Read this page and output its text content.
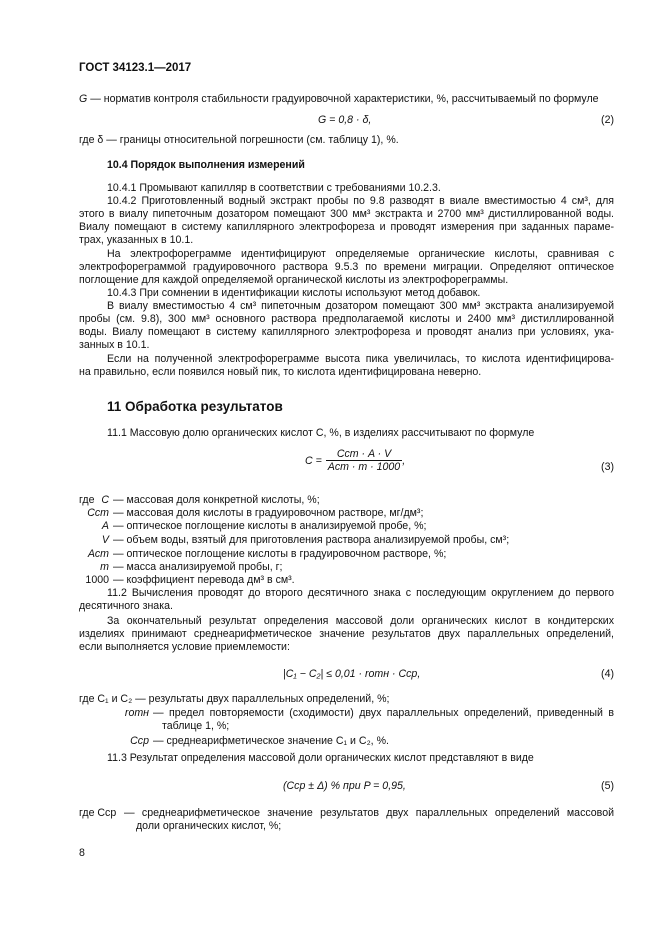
ГОСТ 34123.1—2017
G — норматив контроля стабильности градуировочной характеристики, %, рассчитываемый по формуле
G = 0,8 · δ,	(2)
где δ — границы относительной погрешности (см. таблицу 1), %.
10.4 Порядок выполнения измерений
10.4.1 Промывают капилляр в соответствии с требованиями 10.2.3.
10.4.2 Приготовленный водный экстракт пробы по 9.8 разводят в виале вместимостью 4 см³, для
этого в виалу пипеточным дозатором помещают 300 мм³ экстракта и 2700 мм³ дистиллированной воды.
Виалу помещают в систему капиллярного электрофореза и проводят измерения при заданных параме-
трах, указанных в 10.1.
На электрофореграмме идентифицируют определяемые органические кислоты, сравнивая с
электрофореграммой градуировочного раствора 9.5.3 по времени миграции. Определяют оптическое
поглощение для каждой определяемой органической кислоты из электрофореграммы.
10.4.3 При сомнении в идентификации кислоты используют метод добавок.
В виалу вместимостью 4 см³ пипеточным дозатором помещают 300 мм³ экстракта анализируемой
пробы (см. 9.8), 300 мм³ основного раствора предполагаемой кислоты и 2400 мм³ дистиллированной
воды. Виалу помещают в систему капиллярного электрофореза и проводят анализ при условиях, ука-
занных в 10.1.
Если на полученной электрофореграмме высота пика увеличилась, то кислота идентифицирова-
на правильно, если появился новый пик, то кислота идентифицирована неверно.
11 Обработка результатов
11.1 Массовую долю органических кислот C, %, в изделиях рассчитывают по формуле
$C = \frac{\text{Cст · A · V}}{\text{Aст · m · 1000}}$ ,
(3)
где C — массовая доля конкретной кислоты, %;
Cст — массовая доля кислоты в градуировочном растворе, мг/дм³;
A — оптическое поглощение кислоты в анализируемой пробе, %;
V — объем воды, взятый для приготовления раствора анализируемой пробы, см³;
Aст — оптическое поглощение кислоты в градуировочном растворе, %;
m — масса анализируемой пробы, г;
1000 — коэффициент перевода дм³ в см³.
11.2 Вычисления проводят до второго десятичного знака с последующим округлением до первого
десятичного знака.
За окончательный результат определения массовой доли органических кислот в кондитерских
изделиях принимают среднеарифметическое значение результатов двух параллельных определений,
если выполняется условие приемлемости:
|C₁ − C₂| ≤ 0,01 · rотн · Cср,	(4)
где C₁ и C₂ — результаты двух параллельных определений, %;
rотн — предел повторяемости (сходимости) двух параллельных определений, приведенный в
таблице 1, %;
Cср — среднеарифметическое значение C₁ и C₂, %.
11.3 Результат определения массовой доли органических кислот представляют в виде
(Cср ± Δ) % при P = 0,95,	(5)
где Cср — среднеарифметическое значение результатов двух параллельных определений массовой
доли органических кислот, %;
8
